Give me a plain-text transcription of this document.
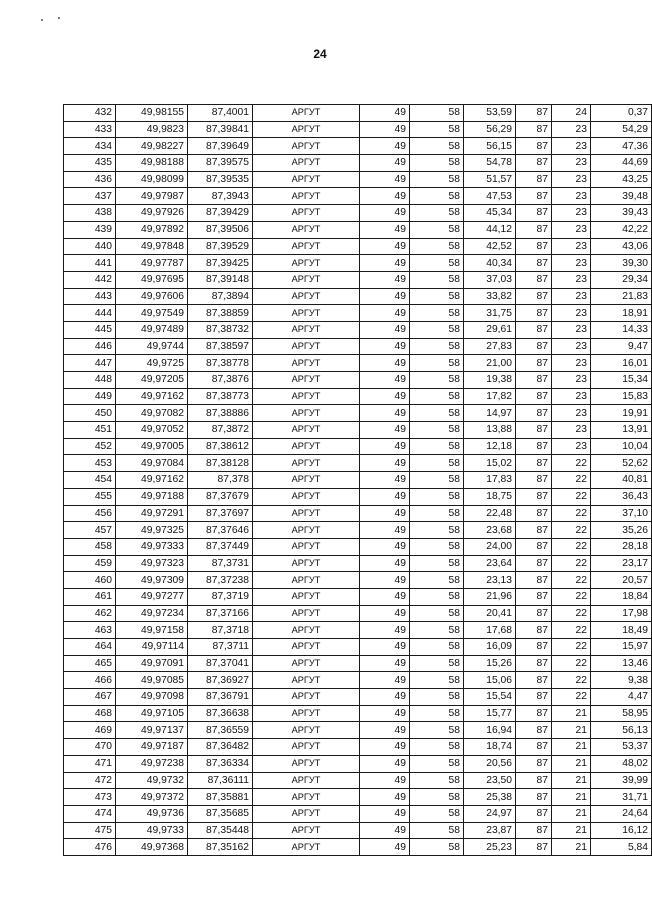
24
432	49,98155	87,4001	АРГУТ	49	58	53,59	87	24	0,37
433	49,9823	87,39841	АРГУТ	49	58	56,29	87	23	54,29
434	49,98227	87,39649	АРГУТ	49	58	56,15	87	23	47,36
435	49,98188	87,39575	АРГУТ	49	58	54,78	87	23	44,69
436	49,98099	87,39535	АРГУТ	49	58	51,57	87	23	43,25
437	49,97987	87,3943	АРГУТ	49	58	47,53	87	23	39,48
438	49,97926	87,39429	АРГУТ	49	58	45,34	87	23	39,43
439	49,97892	87,39506	АРГУТ	49	58	44,12	87	23	42,22
440	49,97848	87,39529	АРГУТ	49	58	42,52	87	23	43,06
441	49,97787	87,39425	АРГУТ	49	58	40,34	87	23	39,30
442	49,97695	87,39148	АРГУТ	49	58	37,03	87	23	29,34
443	49,97606	87,3894	АРГУТ	49	58	33,82	87	23	21,83
444	49,97549	87,38859	АРГУТ	49	58	31,75	87	23	18,91
445	49,97489	87,38732	АРГУТ	49	58	29,61	87	23	14,33
446	49,9744	87,38597	АРГУТ	49	58	27,83	87	23	9,47
447	49,9725	87,38778	АРГУТ	49	58	21,00	87	23	16,01
448	49,97205	87,3876	АРГУТ	49	58	19,38	87	23	15,34
449	49,97162	87,38773	АРГУТ	49	58	17,82	87	23	15,83
450	49,97082	87,38886	АРГУТ	49	58	14,97	87	23	19,91
451	49,97052	87,3872	АРГУТ	49	58	13,88	87	23	13,91
452	49,97005	87,38612	АРГУТ	49	58	12,18	87	23	10,04
453	49,97084	87,38128	АРГУТ	49	58	15,02	87	22	52,62
454	49,97162	87,378	АРГУТ	49	58	17,83	87	22	40,81
455	49,97188	87,37679	АРГУТ	49	58	18,75	87	22	36,43
456	49,97291	87,37697	АРГУТ	49	58	22,48	87	22	37,10
457	49,97325	87,37646	АРГУТ	49	58	23,68	87	22	35,26
458	49,97333	87,37449	АРГУТ	49	58	24,00	87	22	28,18
459	49,97323	87,3731	АРГУТ	49	58	23,64	87	22	23,17
460	49,97309	87,37238	АРГУТ	49	58	23,13	87	22	20,57
461	49,97277	87,3719	АРГУТ	49	58	21,96	87	22	18,84
462	49,97234	87,37166	АРГУТ	49	58	20,41	87	22	17,98
463	49,97158	87,3718	АРГУТ	49	58	17,68	87	22	18,49
464	49,97114	87,3711	АРГУТ	49	58	16,09	87	22	15,97
465	49,97091	87,37041	АРГУТ	49	58	15,26	87	22	13,46
466	49,97085	87,36927	АРГУТ	49	58	15,06	87	22	9,38
467	49,97098	87,36791	АРГУТ	49	58	15,54	87	22	4,47
468	49,97105	87,36638	АРГУТ	49	58	15,77	87	21	58,95
469	49,97137	87,36559	АРГУТ	49	58	16,94	87	21	56,13
470	49,97187	87,36482	АРГУТ	49	58	18,74	87	21	53,37
471	49,97238	87,36334	АРГУТ	49	58	20,56	87	21	48,02
472	49,9732	87,36111	АРГУТ	49	58	23,50	87	21	39,99
473	49,97372	87,35881	АРГУТ	49	58	25,38	87	21	31,71
474	49,9736	87,35685	АРГУТ	49	58	24,97	87	21	24,64
475	49,9733	87,35448	АРГУТ	49	58	23,87	87	21	16,12
476	49,97368	87,35162	АРГУТ	49	58	25,23	87	21	5,84
